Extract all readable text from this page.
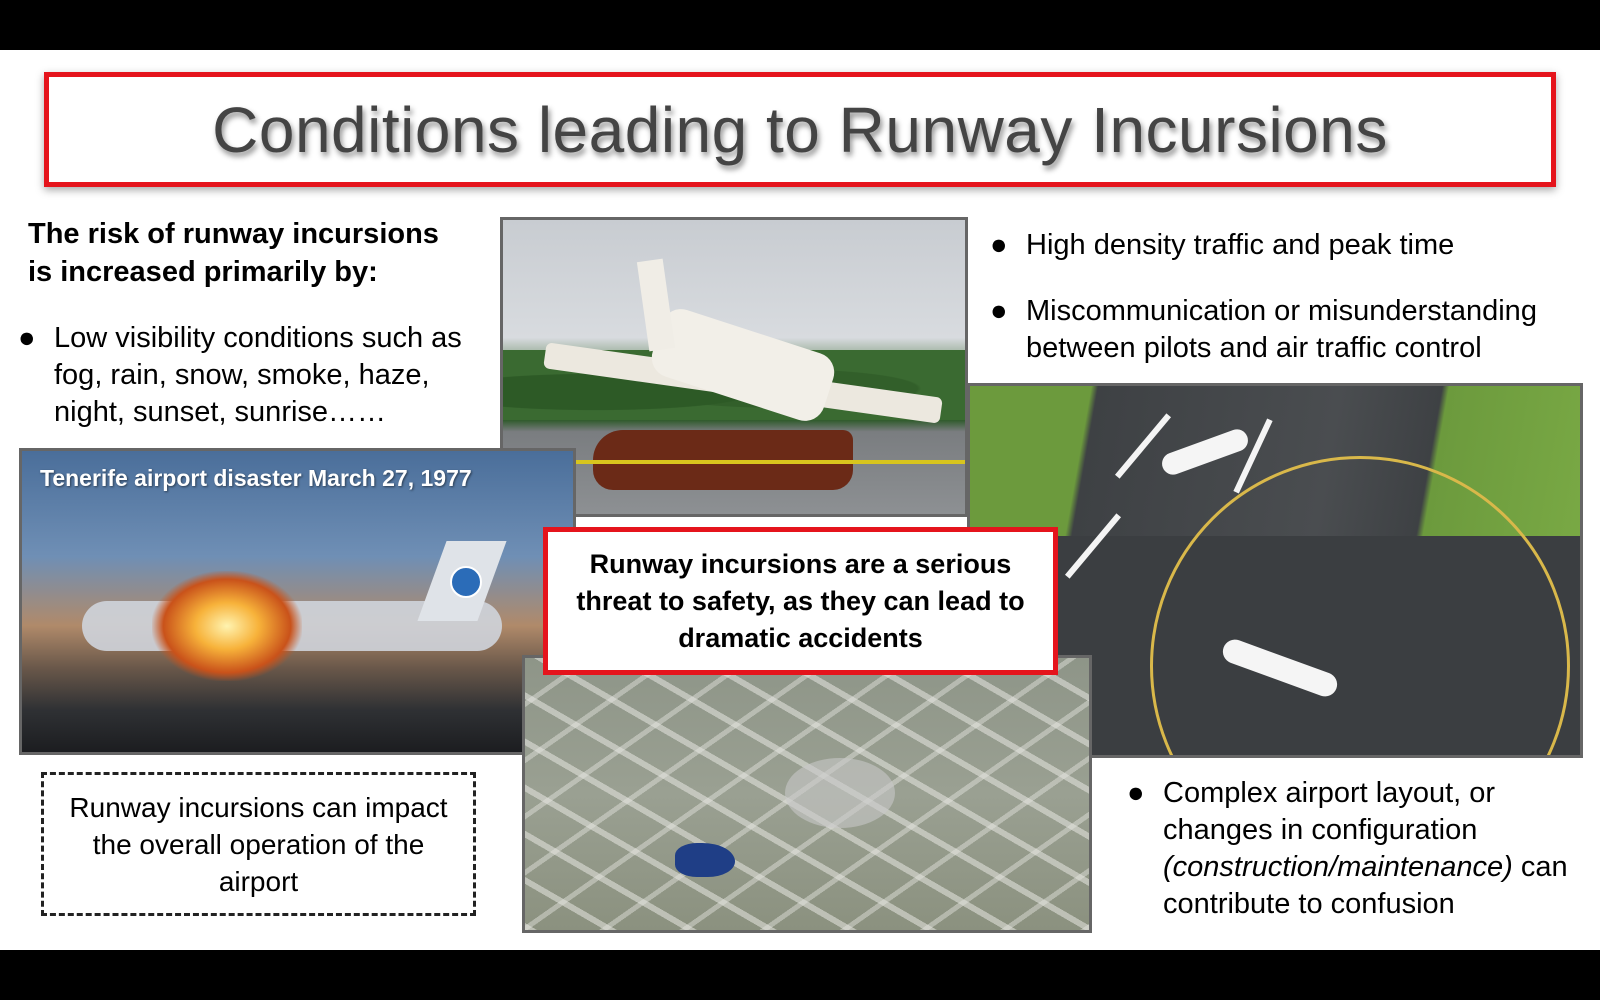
Conditions leading to Runway Incursions
The risk of runway incursions
is increased primarily by:
● Low visibility conditions such as fog, rain, snow, smoke, haze, night, sunset, sunrise……
● High density traffic and peak time
● Miscommunication or misunderstanding between pilots and air traffic control
Tenerife airport disaster March 27, 1977
Runway incursions are a serious threat to safety, as they can lead to dramatic accidents
Runway incursions can impact the overall operation of the airport
● Complex airport layout, or changes in configuration (construction/maintenance) can contribute to confusion
